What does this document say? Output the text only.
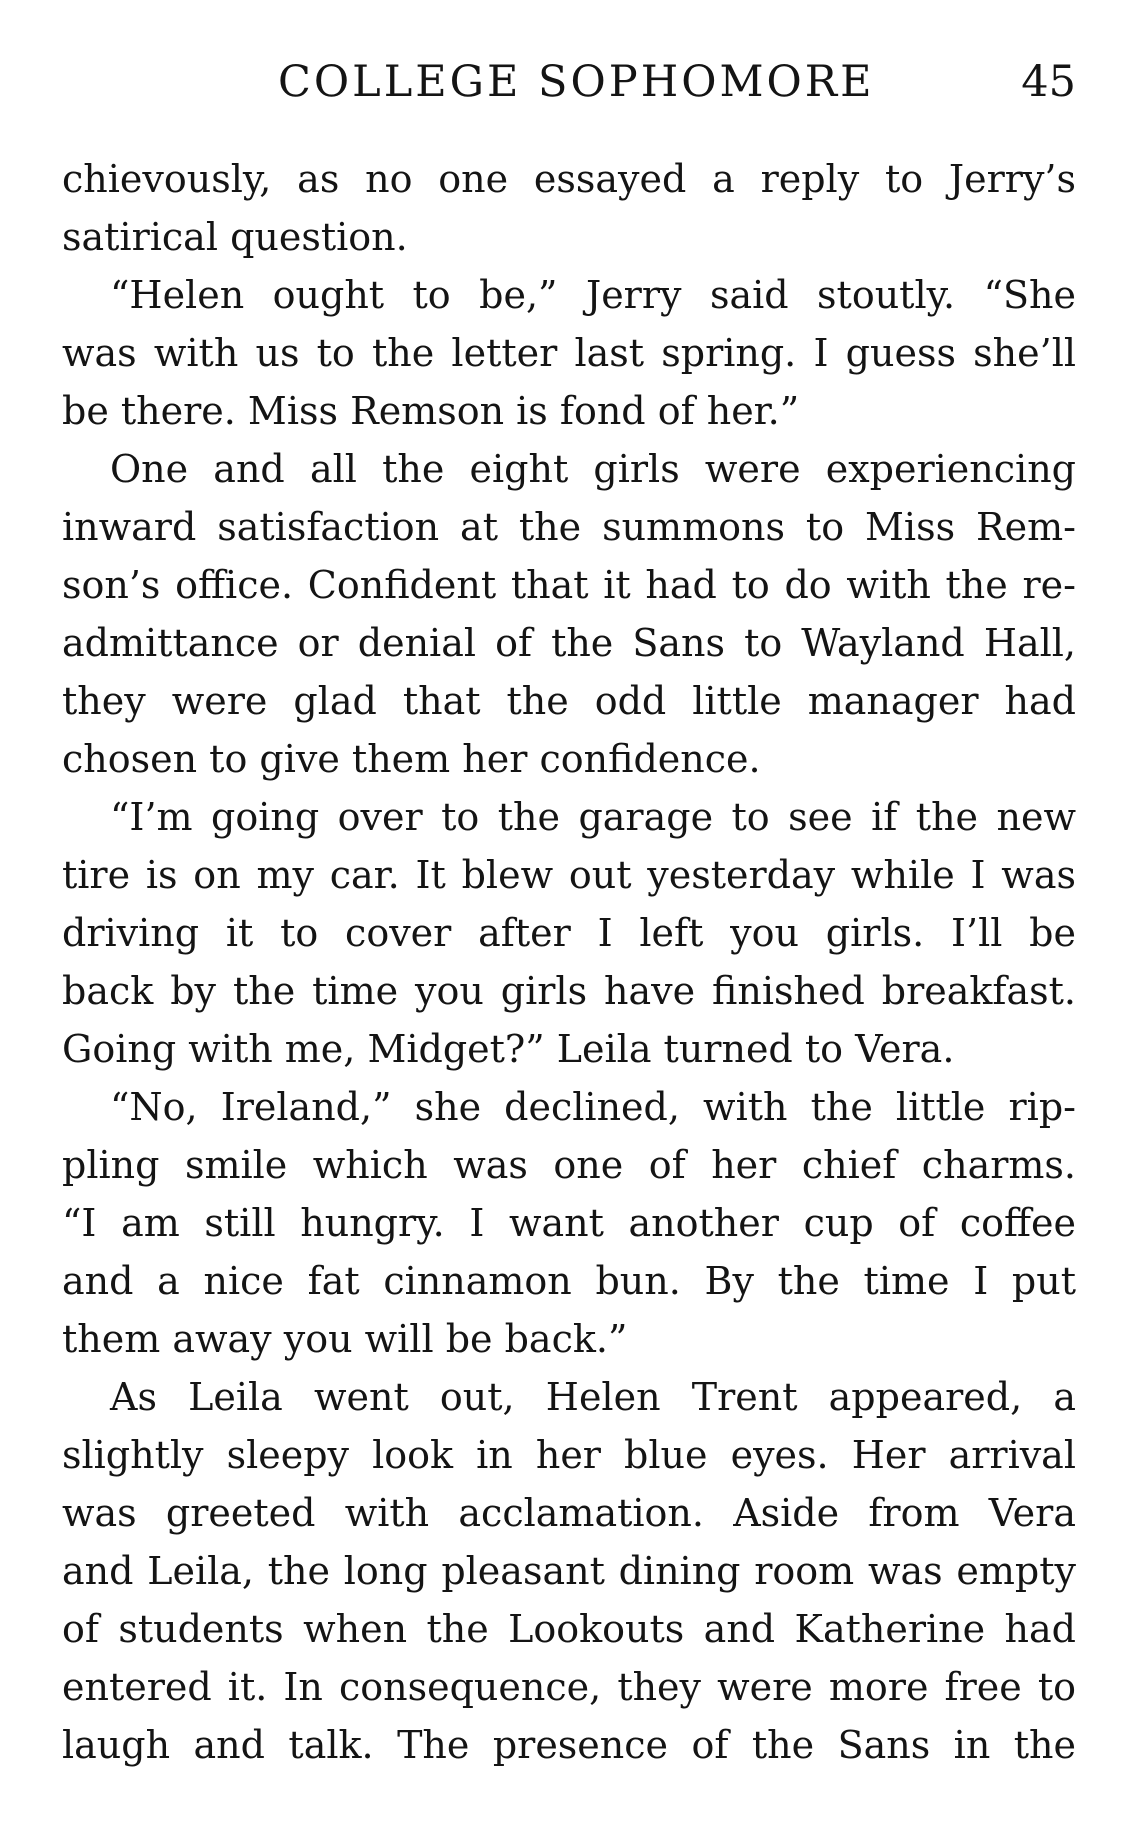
COLLEGE SOPHOMORE	45
chievously, as no one essayed a reply to Jerry’s
satirical question.
“Helen ought to be,” Jerry said stoutly. “She
was with us to the letter last spring. I guess she’ll
be there. Miss Remson is fond of her.”
One and all the eight girls were experiencing
inward satisfaction at the summons to Miss Rem-
son’s office. Confident that it had to do with the re-
admittance or denial of the Sans to Wayland Hall,
they were glad that the odd little manager had
chosen to give them her confidence.
“I’m going over to the garage to see if the new
tire is on my car. It blew out yesterday while I was
driving it to cover after I left you girls. I’ll be
back by the time you girls have finished breakfast.
Going with me, Midget?” Leila turned to Vera.
“No, Ireland,” she declined, with the little rip-
pling smile which was one of her chief charms.
“I am still hungry. I want another cup of coffee
and a nice fat cinnamon bun. By the time I put
them away you will be back.”
As Leila went out, Helen Trent appeared, a
slightly sleepy look in her blue eyes. Her arrival
was greeted with acclamation. Aside from Vera
and Leila, the long pleasant dining room was empty
of students when the Lookouts and Katherine had
entered it. In consequence, they were more free to
laugh and talk. The presence of the Sans in the
